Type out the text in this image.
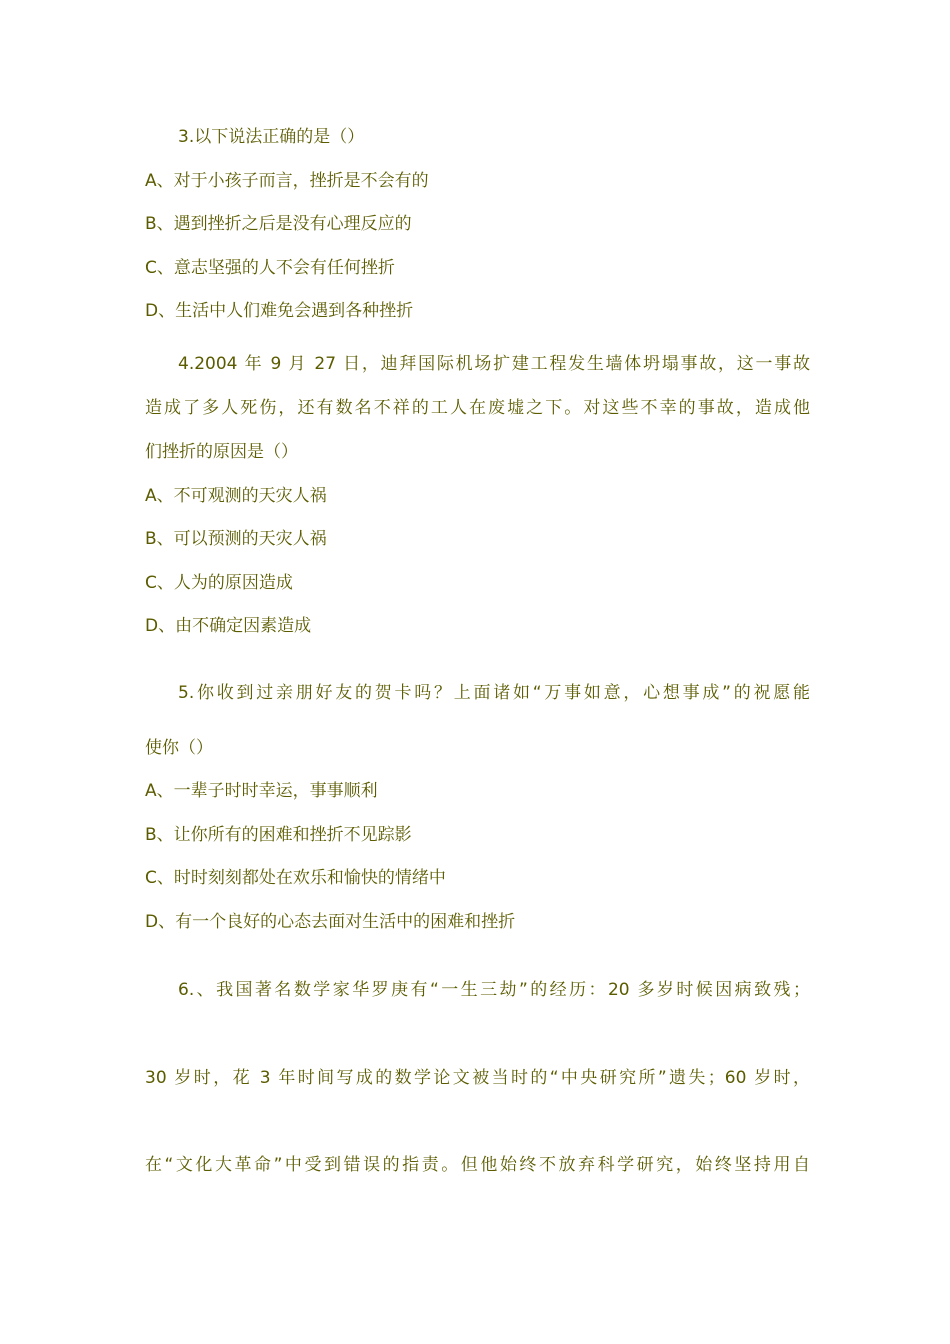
3.以下说法正确的是（）
A、对于小孩子而言，挫折是不会有的
B、遇到挫折之后是没有心理反应的
C、意志坚强的人不会有任何挫折
D、生活中人们难免会遇到各种挫折
4.2004 年 9 月 27 日，迪拜国际机场扩建工程发生墙体坍塌事故，这一事故
造成了多人死伤，还有数名不祥的工人在废墟之下。对这些不幸的事故，造成他
们挫折的原因是（）
A、不可观测的天灾人祸
B、可以预测的天灾人祸
C、人为的原因造成
D、由不确定因素造成
5.你收到过亲朋好友的贺卡吗？上面诸如“万事如意，心想事成”的祝愿能
使你（）
A、一辈子时时幸运，事事顺利
B、让你所有的困难和挫折不见踪影
C、时时刻刻都处在欢乐和愉快的情绪中
D、有一个良好的心态去面对生活中的困难和挫折
6.、我国著名数学家华罗庚有“一生三劫”的经历：20 多岁时候因病致残；
30 岁时，花 3 年时间写成的数学论文被当时的“中央研究所”遗失；60 岁时，
在“文化大革命”中受到错误的指责。但他始终不放弃科学研究，始终坚持用自
